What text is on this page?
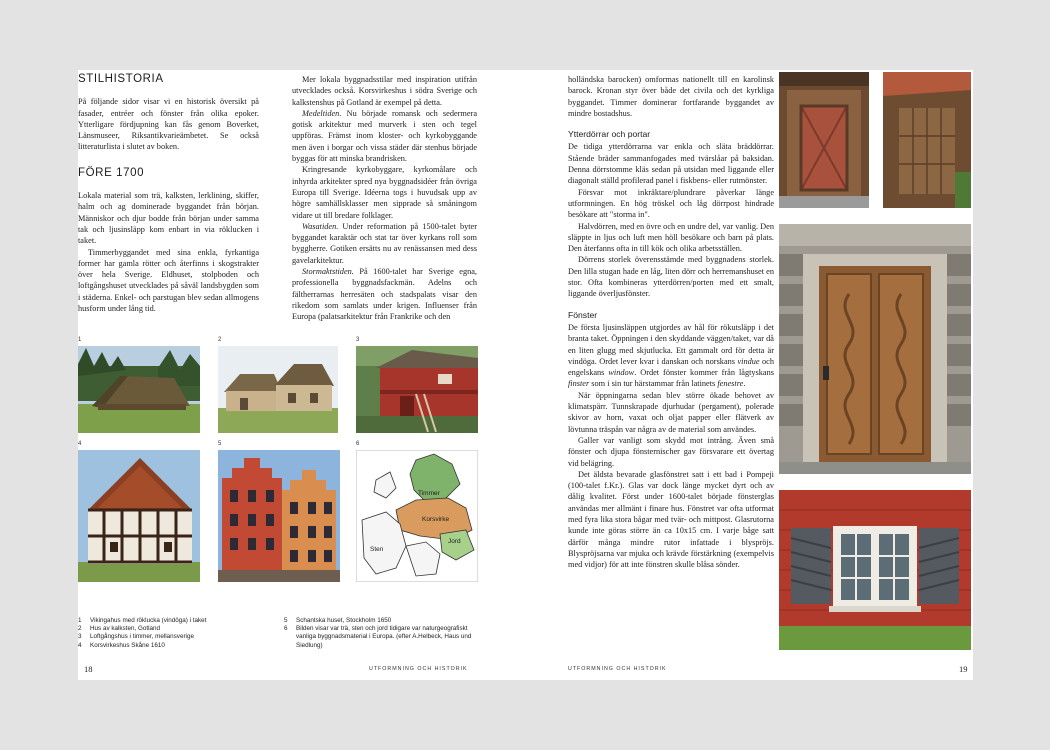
STILHISTORIA

På följande sidor visar vi en historisk översikt på fasader, entréer och fönster från olika epoker. Ytterligare fördjupning kan fås genom Boverket, Länsmuseer, Riksantikvarieämbetet. Se också litteraturlista i slutet av boken.

FÖRE 1700

Lokala material som trä, kalksten, lerklining, skiffer, halm och ag dominerade byggandet från början. Människor och djur bodde från början under samma tak och ljusinsläpp kom enbart in via röklucken i taket.

Timmerbyggandet med sina enkla, fyrkantiga former har gamla rötter och återfinns i skogstrakter över hela Sverige. Eldhuset, stolpboden och loftgångshuset utvecklades på såväl landsbygden som i städerna. Enkel- och parstugan blev sedan allmogens husform under lång tid.

Mer lokala byggnadsstilar med inspiration utifrån utvecklades också. Korsvirkeshus i södra Sverige och kalkstenshus på Gotland är exempel på detta.

Medeltiden. Nu började romansk och sedermera gotisk arkitektur med murverk i sten och tegel uppföras. Främst inom kloster- och kyrkobyggande men även i borgar och vissa städer där stenhus började byggas för att minska brandrisken.

Kringresande kyrkobyggare, kyrkomålare och inhyrda arkitekter spred nya byggnadsidéer från övriga Europa till Sverige. Idéerna togs i huvudsak upp av högre samhällsklasser men sipprade så småningom vidare ut till bredare folklager.

Wasatiden. Under reformation på 1500-talet byter byggandet karaktär och stat tar över kyrkans roll som byggherre. Gotiken ersätts nu av renässansen med dess gavelarkitektur.

Stormaktstiden. På 1600-talet har Sverige egna, professionella byggnadsfackmän. Adelns och fältherrarnas herresäten och stadspalats visar den rikedom som samlats under krigen. Influenser från Europa (palatsarkitektur från Frankrike och den

1	2	3
4	5	6
Timmer
Korsvirke
Jord
Sten
1	Vikingahus med röklucka (vindöga) i taket
2	Hus av kalksten, Gotland
3	Loftgångshus i timmer, mellansverige
4	Korsvirkeshus Skåne 1610
5	Schantska huset, Stockholm 1650
6	Bilden visar var trä, sten och jord tidigare var naturgeografiskt vanliga byggnadsmaterial i Europa. (efter A.Helbeck, Haus und Siedlung)
18	UTFORMNING OCH HISTORIK

holländska barocken) omformas nationellt till en karolinsk barock. Kronan styr över både det civila och det kyrkliga byggandet. Timmer dominerar fortfarande byggandet av mindre bostadshus.

Ytterdörrar och portar

De tidiga ytterdörrarna var enkla och släta bräddörrar. Stående bräder sammanfogades med tvärslåar på baksidan. Denna dörrstomme kläs sedan på utsidan med liggande eller diagonalt ställd profilerad panel i fiskbens- eller rutmönster.

Försvar mot inkräktare/plundrare påverkar länge utformningen. En hög tröskel och låg dörrpost hindrade besökare att "storma in".

Halvdörren, med en övre och en undre del, var vanlig. Den släppte in ljus och luft men höll besökare och barn på plats. Den återfanns ofta in till kök och olika arbetsställen.

Dörrens storlek överensstämde med byggnadens storlek. Den lilla stugan hade en låg, liten dörr och herremanshuset en stor. Ofta kombineras ytterdörren/porten med ett smalt, liggande överljusfönster.

Fönster

De första ljusinsläppen utgjordes av hål för rökutsläpp i det branta taket. Öppningen i den skyddande väggen/taket, var då en liten glugg med skjutlucka. Ett gammalt ord för detta är vindöga. Ordet lever kvar i danskan och norskans vindue och engelskans window. Ordet fönster kommer från lågtyskans finster som i sin tur härstammar från latinets fenestre.

När öppningarna sedan blev större ökade behovet av klimatspärr. Tunnskrapade djurhudar (pergament), polerade skivor av horn, vaxat och oljat papper eller flätverk av lövtunna träspån var några av de material som användes.

Galler var vanligt som skydd mot intrång. Även små fönster och djupa fönsternischer gav försvarare ett övertag vid belägring.

Det äldsta bevarade glasfönstret satt i ett bad i Pompeji (100-talet f.Kr.). Glas var dock länge mycket dyrt och av dålig kvalitet. Först under 1600-talet började fönsterglas användas mer allmänt i finare hus. Fönstret var ofta utformat med fyra lika stora bågar med tvär- och mittpost. Glasrutorna kunde inte göras större än ca 10x15 cm. I varje båge satt därför många mindre rutor infattade i blyspröjs. Blyspröjsarna var mjuka och krävde förstärkning (exempelvis med vidjor) för att inte fönstren skulle blåsa sönder.

UTFORMNING OCH HISTORIK	19
